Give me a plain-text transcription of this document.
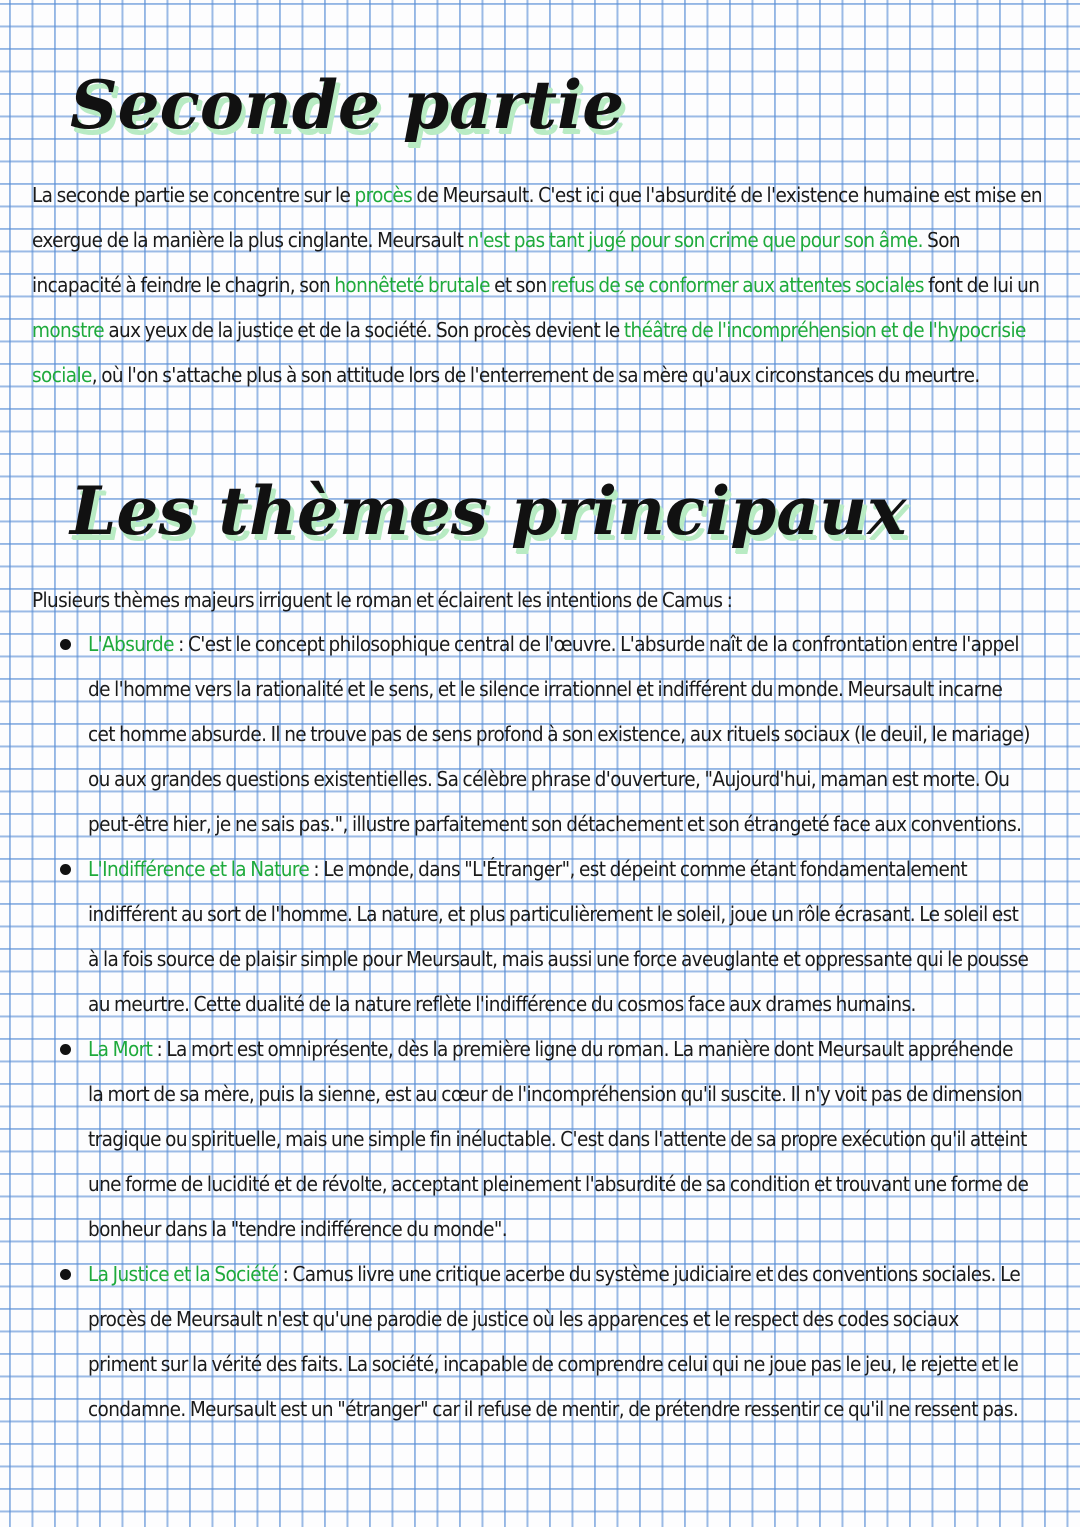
Seconde partie

La seconde partie se concentre sur le procès de Meursault. C'est ici que l'absurdité de l'existence humaine est mise en exergue de la manière la plus cinglante. Meursault n'est pas tant jugé pour son crime que pour son âme. Son incapacité à feindre le chagrin, son honnêteté brutale et son refus de se conformer aux attentes sociales font de lui un monstre aux yeux de la justice et de la société. Son procès devient le théâtre de l'incompréhension et de l'hypocrisie sociale, où l'on s'attache plus à son attitude lors de l'enterrement de sa mère qu'aux circonstances du meurtre.

Les thèmes principaux

Plusieurs thèmes majeurs irriguent le roman et éclairent les intentions de Camus :

L'Absurde : C'est le concept philosophique central de l'œuvre. L'absurde naît de la confrontation entre l'appel de l'homme vers la rationalité et le sens, et le silence irrationnel et indifférent du monde. Meursault incarne cet homme absurde. Il ne trouve pas de sens profond à son existence, aux rituels sociaux (le deuil, le mariage) ou aux grandes questions existentielles. Sa célèbre phrase d'ouverture, "Aujourd'hui, maman est morte. Ou peut-être hier, je ne sais pas.", illustre parfaitement son détachement et son étrangeté face aux conventions.
L'Indifférence et la Nature : Le monde, dans "L'Étranger", est dépeint comme étant fondamentalement indifférent au sort de l'homme. La nature, et plus particulièrement le soleil, joue un rôle écrasant. Le soleil est à la fois source de plaisir simple pour Meursault, mais aussi une force aveuglante et oppressante qui le pousse au meurtre. Cette dualité de la nature reflète l'indifférence du cosmos face aux drames humains.
La Mort : La mort est omniprésente, dès la première ligne du roman. La manière dont Meursault appréhende la mort de sa mère, puis la sienne, est au cœur de l'incompréhension qu'il suscite. Il n'y voit pas de dimension tragique ou spirituelle, mais une simple fin inéluctable. C'est dans l'attente de sa propre exécution qu'il atteint une forme de lucidité et de révolte, acceptant pleinement l'absurdité de sa condition et trouvant une forme de bonheur dans la "tendre indifférence du monde".
La Justice et la Société : Camus livre une critique acerbe du système judiciaire et des conventions sociales. Le procès de Meursault n'est qu'une parodie de justice où les apparences et le respect des codes sociaux priment sur la vérité des faits. La société, incapable de comprendre celui qui ne joue pas le jeu, le rejette et le condamne. Meursault est un "étranger" car il refuse de mentir, de prétendre ressentir ce qu'il ne ressent pas.
